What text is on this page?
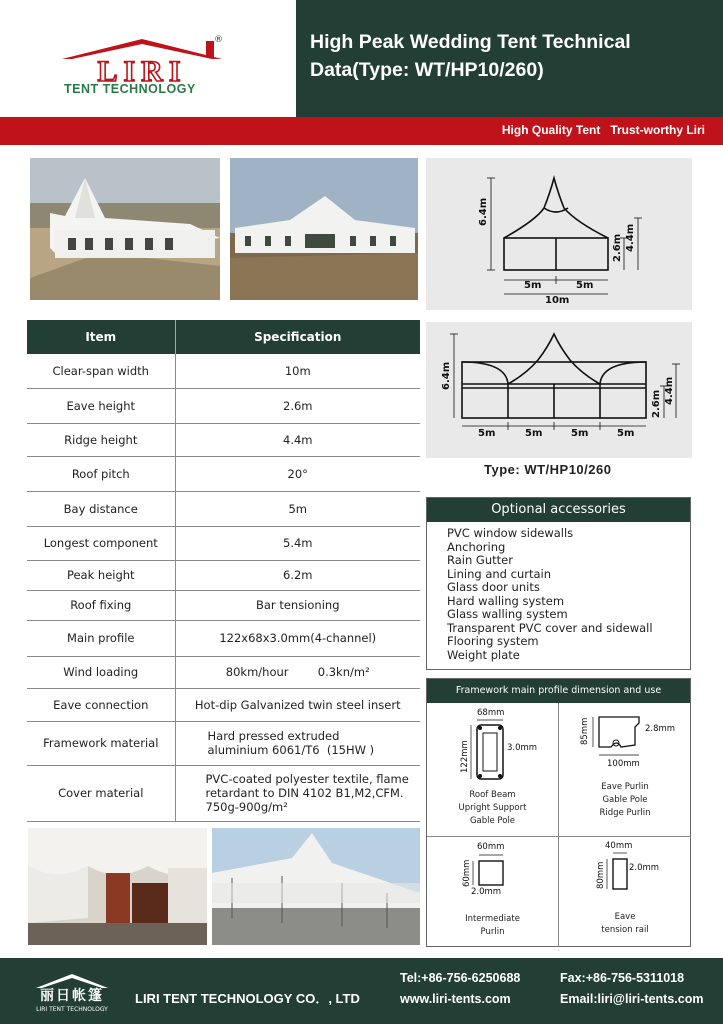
LIRI
®
TENT TECHNOLOGY
High Peak Wedding Tent Technical Data(Type: WT/HP10/260)
High Quality Tent   Trust-worthy Liri
Item	Specification
Clear-span width	10m
Eave height	2.6m
Ridge height	4.4m
Roof pitch	20°
Bay distance	5m
Longest component	5.4m
Peak height	6.2m
Roof fixing	Bar tensioning
Main profile	122x68x3.0mm(4-channel)
Wind loading	80km/hour        0.3kn/m²
Eave connection	Hot-dip Galvanized twin steel insert
Framework material	Hard pressed extruded
aluminium 6061/T6  (15HW )
Cover material	PVC-coated polyester textile, flame
retardant to DIN 4102 B1,M2,CFM.
750g-900g/m²
6.4m
2.6m 4.4m
5m	5m
10m
6.4m
2.6m 4.4m
5m	5m	5m	5m
Type: WT/HP10/260
Optional accessories
PVC window sidewalls
Anchoring
Rain Gutter
Lining and curtain
Glass door units
Hard walling system
Glass walling system
Transparent PVC cover and sidewall
Flooring system
Weight plate
Framework main profile dimension and use
68mm
122mm	3.0mm
Roof Beam
Upright Support
Gable Pole
85mm	2.8mm
100mm
Eave Purlin
Gable Pole
Ridge Purlin
60mm
60mm
2.0mm
Intermediate
Purlin
40mm
80mm	2.0mm
Eave
tension rail
丽日帐篷
LIRI TENT TECHNOLOGY
LIRI TENT TECHNOLOGY CO．, LTD
Tel:+86-756-6250688	Fax:+86-756-5311018
www.liri-tents.com	Email:liri@liri-tents.com
